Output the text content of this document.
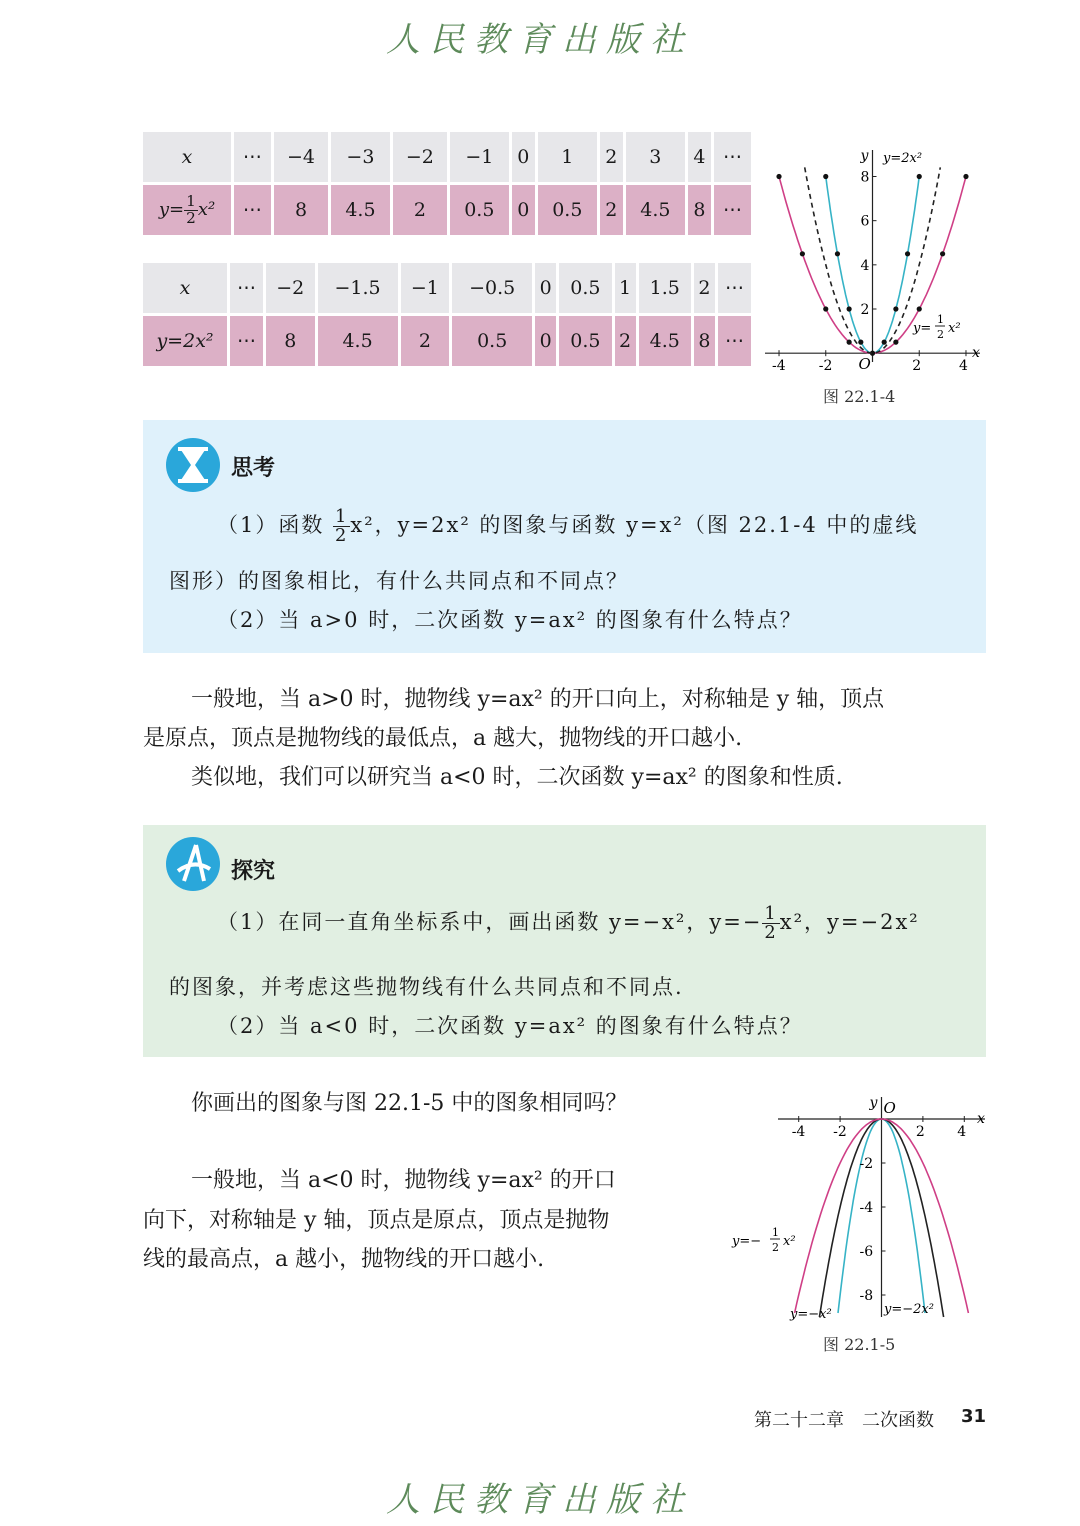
人民教育出版社
x	⋯	−4	−3	−2	−1	0	1	2	3	4	⋯
$y= \frac{1}{2} x^2$	⋯	8	4.5	2	0.5	0	0.5	2	4.5	8	⋯
x	⋯	−2	−1.5	−1	−0.5	0	0.5	1	1.5	2	⋯
y=2x²	⋯	8	4.5	2	0.5	0	0.5	2	4.5	8	⋯
x
y
-4 -2 O	2	4
8
6
4
2
y=2x²
y=
1
2 x²
图 22.1-4
思考
（1）函数 $\frac{1}{2} x^2$，y=2x² 的图象与函数 y=x²（图 22.1-4 中的虚线
图形）的图象相比，有什么共同点和不同点？
（2）当 a>0 时，二次函数 y=ax² 的图象有什么特点？
一般地，当 a>0 时，抛物线 y=ax² 的开口向上，对称轴是 y 轴，顶点
是原点，顶点是抛物线的最低点，a 越大，抛物线的开口越小.
类似地，我们可以研究当 a<0 时，二次函数 y=ax² 的图象和性质.
探究
（1）在同一直角坐标系中，画出函数 y=−x²，$y=- \frac{1}{2} x^2$，y=−2x²
的图象，并考虑这些抛物线有什么共同点和不同点.
（2）当 a<0 时，二次函数 y=ax² 的图象有什么特点？
你画出的图象与图 22.1-5 中的图象相同吗？
一般地，当 a<0 时，抛物线 y=ax² 的开口
向下，对称轴是 y 轴，顶点是原点，顶点是抛物
线的最高点，a 越小，抛物线的开口越小.
x
y
-4 -2	2 4
-2
-4
-6
-8
O
y=−
1
2 x²
y=−x²	y=−2x²
图 22.1-5
第二十二章　二次函数 31
人民教育出版社
